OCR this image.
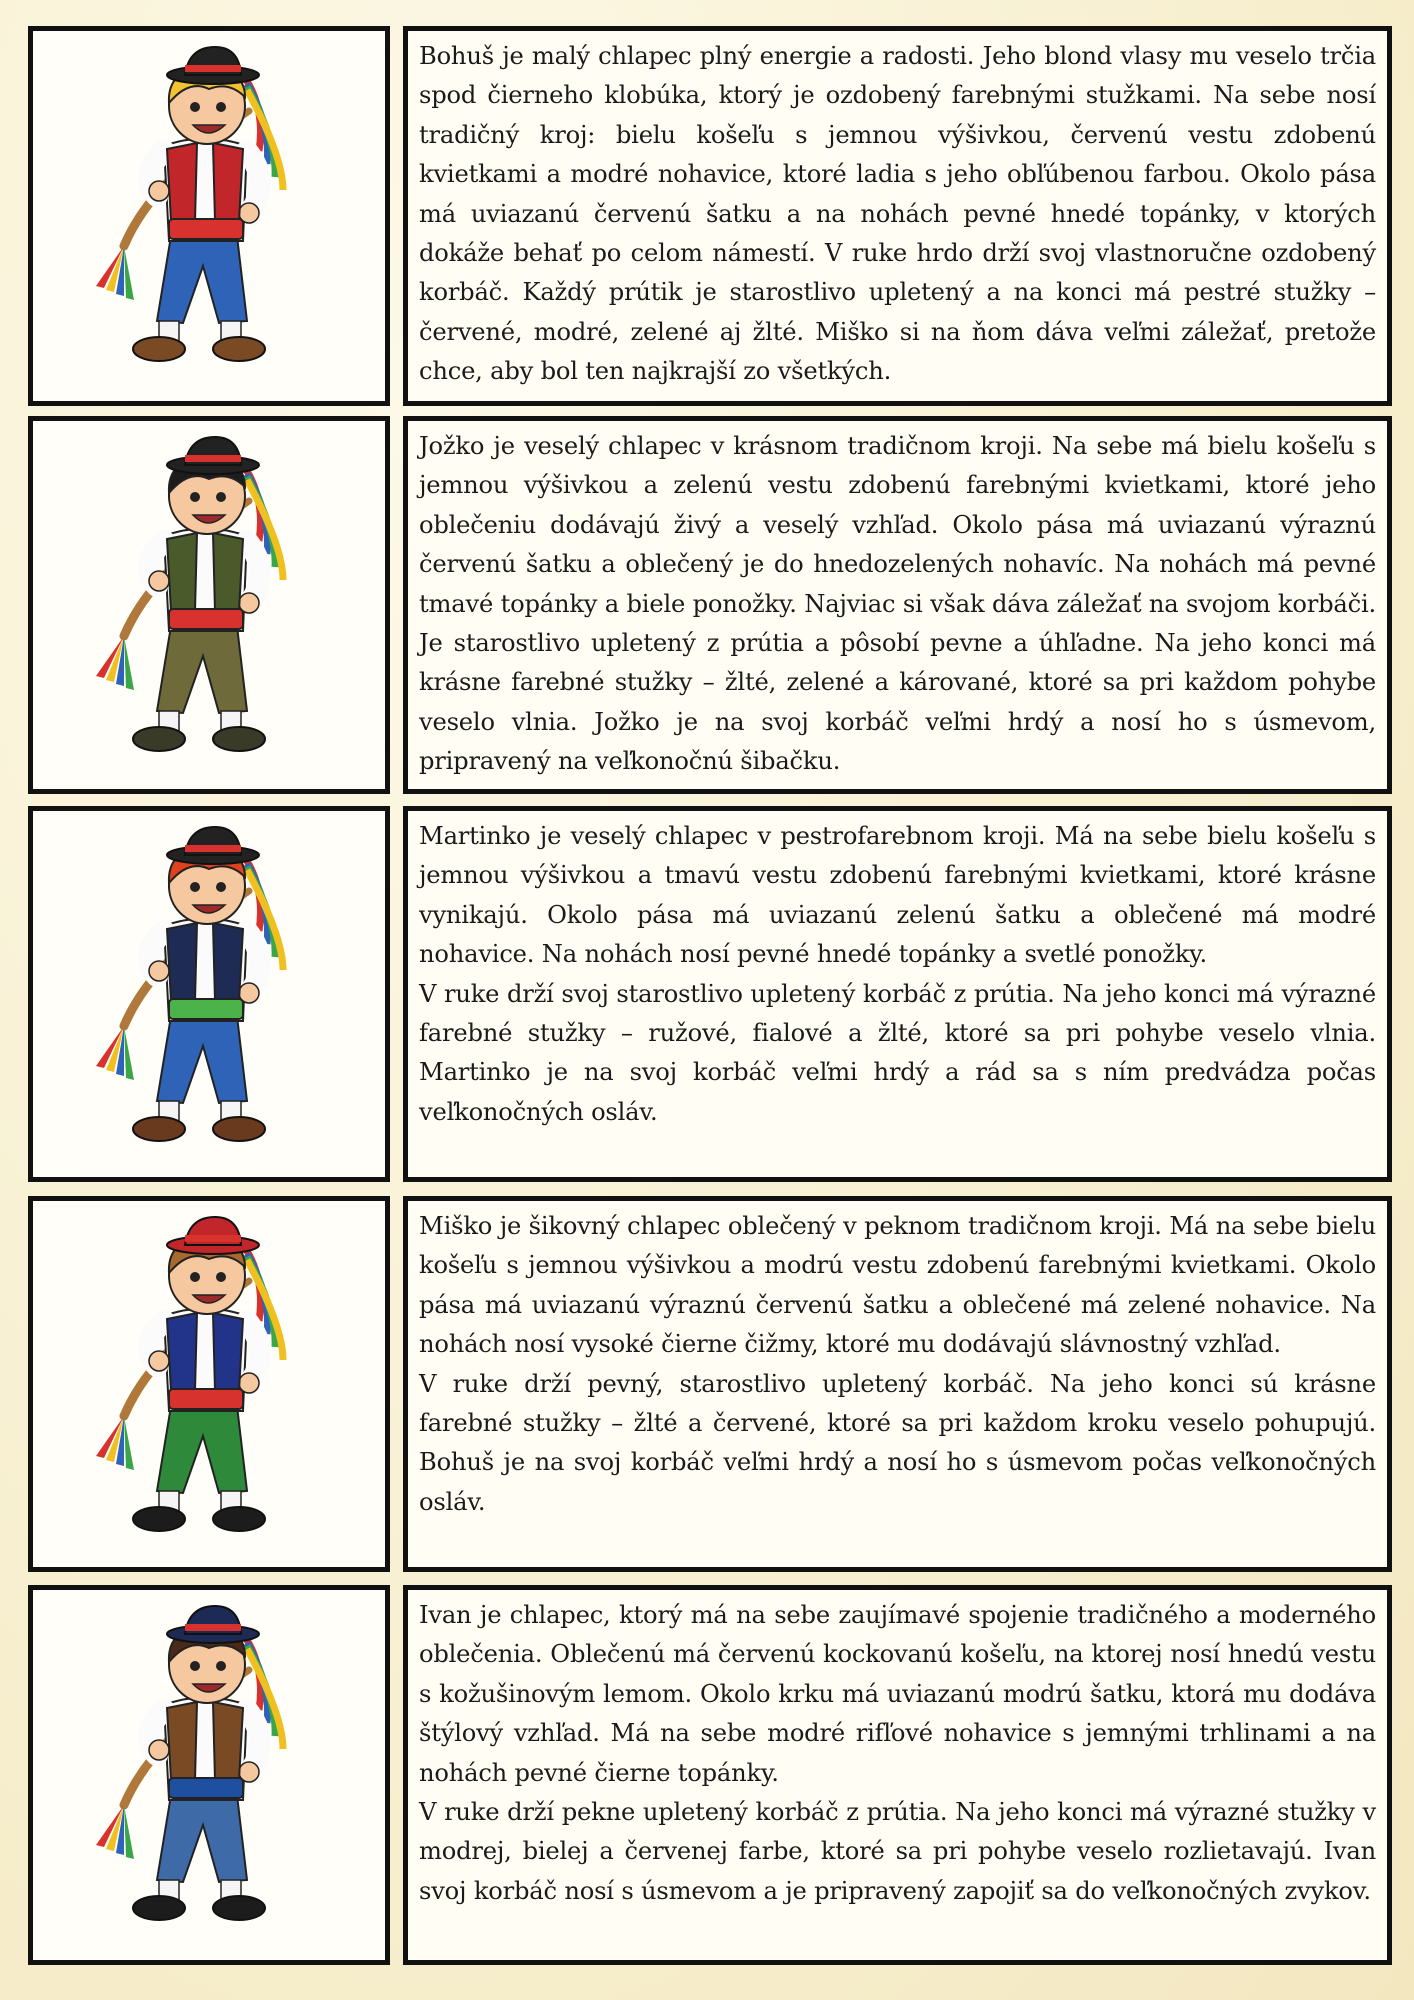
Bohuš je malý chlapec plný energie a radosti. Jeho blond vlasy mu veselo trčia spod čierneho klobúka, ktorý je ozdobený farebnými stužkami. Na sebe nosí tradičný kroj: bielu košeľu s jemnou výšivkou, červenú vestu zdobenú kvietkami a modré nohavice, ktoré ladia s jeho obľúbenou farbou. Okolo pása má uviazanú červenú šatku a na nohách pevné hnedé topánky, v ktorých dokáže behať po celom námestí. V ruke hrdo drží svoj vlastnoručne ozdobený korbáč. Každý prútik je starostlivo upletený a na konci má pestré stužky – červené, modré, zelené aj žlté. Miško si na ňom dáva veľmi záležať, pretože chce, aby bol ten najkrajší zo všetkých.

Jožko je veselý chlapec v krásnom tradičnom kroji. Na sebe má bielu košeľu s jemnou výšivkou a zelenú vestu zdobenú farebnými kvietkami, ktoré jeho oblečeniu dodávajú živý a veselý vzhľad. Okolo pása má uviazanú výraznú červenú šatku a oblečený je do hnedozelených nohavíc. Na nohách má pevné tmavé topánky a biele ponožky. Najviac si však dáva záležať na svojom korbáči. Je starostlivo upletený z prútia a pôsobí pevne a úhľadne. Na jeho konci má krásne farebné stužky – žlté, zelené a kárované, ktoré sa pri každom pohybe veselo vlnia. Jožko je na svoj korbáč veľmi hrdý a nosí ho s úsmevom, pripravený na veľkonočnú šibačku.

Martinko je veselý chlapec v pestrofarebnom kroji. Má na sebe bielu košeľu s jemnou výšivkou a tmavú vestu zdobenú farebnými kvietkami, ktoré krásne vynikajú. Okolo pása má uviazanú zelenú šatku a oblečené má modré nohavice. Na nohách nosí pevné hnedé topánky a svetlé ponožky.

V ruke drží svoj starostlivo upletený korbáč z prútia. Na jeho konci má výrazné farebné stužky – ružové, fialové a žlté, ktoré sa pri pohybe veselo vlnia. Martinko je na svoj korbáč veľmi hrdý a rád sa s ním predvádza počas veľkonočných osláv.

Miško je šikovný chlapec oblečený v peknom tradičnom kroji. Má na sebe bielu košeľu s jemnou výšivkou a modrú vestu zdobenú farebnými kvietkami. Okolo pása má uviazanú výraznú červenú šatku a oblečené má zelené nohavice. Na nohách nosí vysoké čierne čižmy, ktoré mu dodávajú slávnostný vzhľad.

V ruke drží pevný, starostlivo upletený korbáč. Na jeho konci sú krásne farebné stužky – žlté a červené, ktoré sa pri každom kroku veselo pohupujú. Bohuš je na svoj korbáč veľmi hrdý a nosí ho s úsmevom počas veľkonočných osláv.

Ivan je chlapec, ktorý má na sebe zaujímavé spojenie tradičného a moderného oblečenia. Oblečenú má červenú kockovanú košeľu, na ktorej nosí hnedú vestu s kožušinovým lemom. Okolo krku má uviazanú modrú šatku, ktorá mu dodáva štýlový vzhľad. Má na sebe modré rifľové nohavice s jemnými trhlinami a na nohách pevné čierne topánky.

V ruke drží pekne upletený korbáč z prútia. Na jeho konci má výrazné stužky v modrej, bielej a červenej farbe, ktoré sa pri pohybe veselo rozlietavajú. Ivan svoj korbáč nosí s úsmevom a je pripravený zapojiť sa do veľkonočných zvykov.
